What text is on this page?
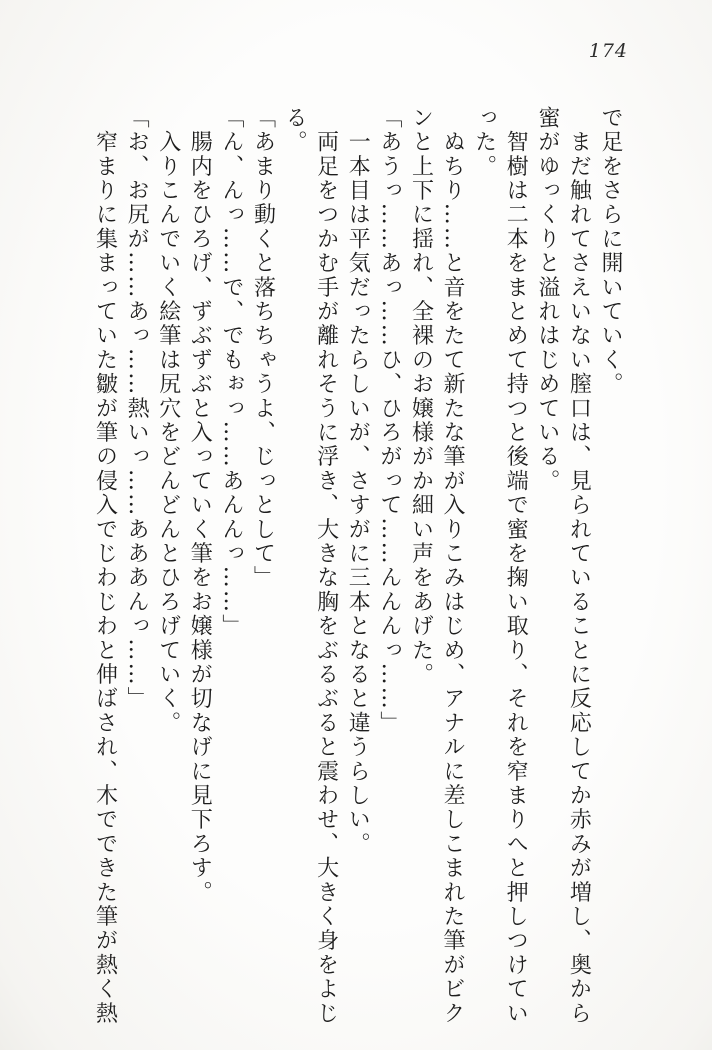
174
で足をさらに開いていく。
　まだ触れてさえいない膣口は、見られていることに反応してか赤みが増し、奥から
蜜がゆっくりと溢れはじめている。
　智樹は二本をまとめて持つと後端で蜜を掬い取り、それを窄まりへと押しつけてい
った。
　ぬちり……と音をたて新たな筆が入りこみはじめ、アナルに差しこまれた筆がビク
ンと上下に揺れ、全裸のお嬢様がか細い声をあげた。
「あうっ……あっ……ひ、ひろがって……んんんっ……」
　一本目は平気だったらしいが、さすがに三本となると違うらしい。
　両足をつかむ手が離れそうに浮き、大きな胸をぶるぶると震わせ、大きく身をよじ
る。
「あまり動くと落ちちゃうよ、じっとして」
「ん、んっ……で、でもぉっ……あんんっ……」
　腸内をひろげ、ずぶずぶと入っていく筆をお嬢様が切なげに見下ろす。
　入りこんでいく絵筆は尻穴をどんどんとひろげていく。
「お、お尻が……あっ……熱いっ……あああんっ……」
　窄まりに集まっていた皺が筆の侵入でじわじわと伸ばされ、木でできた筆が熱く熱
